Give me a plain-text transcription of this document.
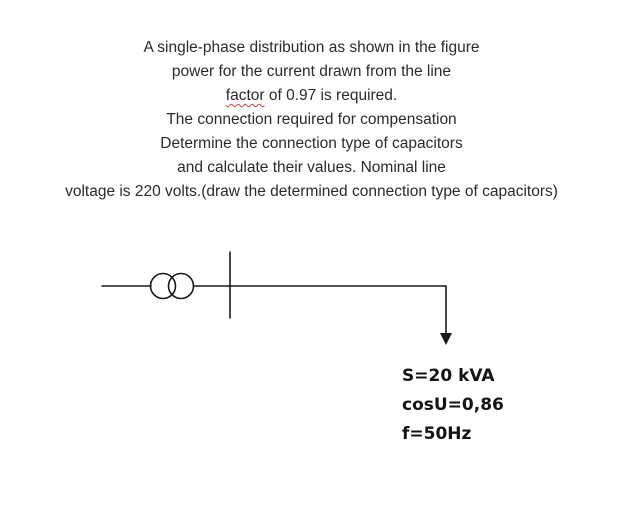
A single-phase distribution as shown in the figure
power for the current drawn from the line
factor of 0.97 is required.
The connection required for compensation
Determine the connection type of capacitors
and calculate their values. Nominal line
voltage is 220 volts.(draw the determined connection type of capacitors)
S=20 kVA
cosU=0,86
f=50Hz
